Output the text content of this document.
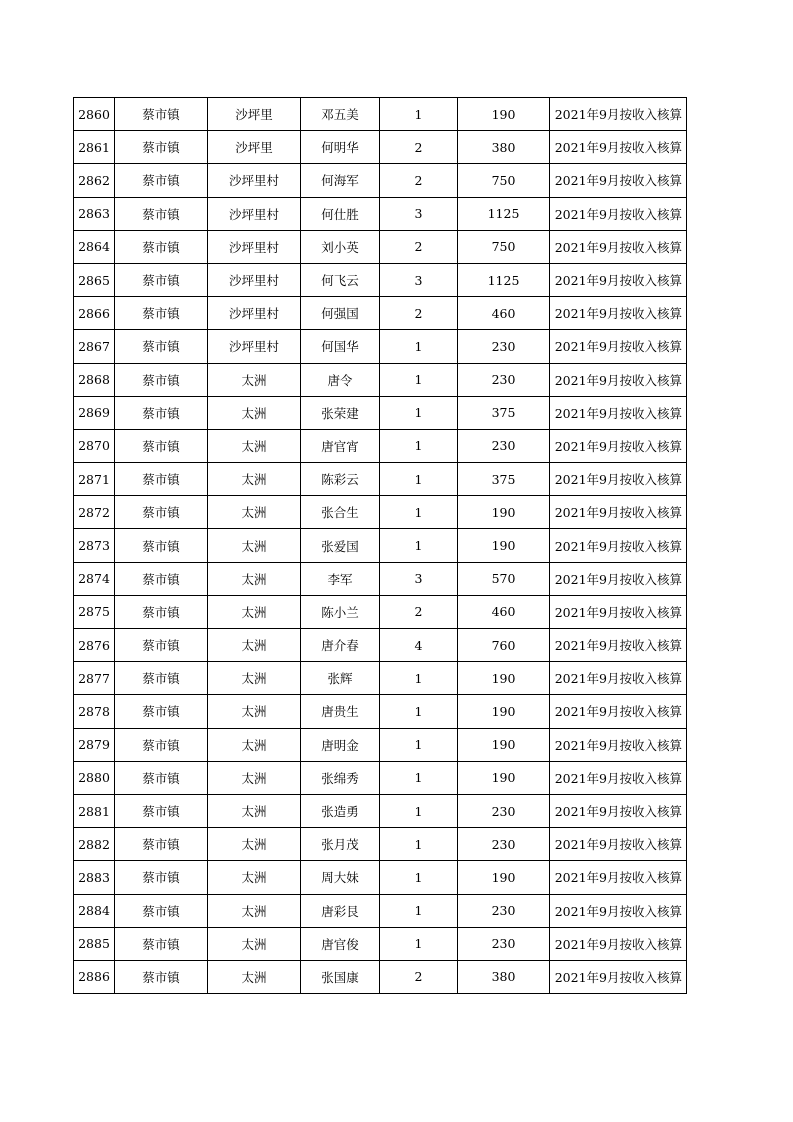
2860	蔡市镇	沙坪里	邓五美	1	190	2021年9月按收入核算
2861	蔡市镇	沙坪里	何明华	2	380	2021年9月按收入核算
2862	蔡市镇	沙坪里村	何海军	2	750	2021年9月按收入核算
2863	蔡市镇	沙坪里村	何仕胜	3	1125	2021年9月按收入核算
2864	蔡市镇	沙坪里村	刘小英	2	750	2021年9月按收入核算
2865	蔡市镇	沙坪里村	何飞云	3	1125	2021年9月按收入核算
2866	蔡市镇	沙坪里村	何强国	2	460	2021年9月按收入核算
2867	蔡市镇	沙坪里村	何国华	1	230	2021年9月按收入核算
2868	蔡市镇	太洲	唐令	1	230	2021年9月按收入核算
2869	蔡市镇	太洲	张荣建	1	375	2021年9月按收入核算
2870	蔡市镇	太洲	唐官宵	1	230	2021年9月按收入核算
2871	蔡市镇	太洲	陈彩云	1	375	2021年9月按收入核算
2872	蔡市镇	太洲	张合生	1	190	2021年9月按收入核算
2873	蔡市镇	太洲	张爱国	1	190	2021年9月按收入核算
2874	蔡市镇	太洲	李军	3	570	2021年9月按收入核算
2875	蔡市镇	太洲	陈小兰	2	460	2021年9月按收入核算
2876	蔡市镇	太洲	唐介春	4	760	2021年9月按收入核算
2877	蔡市镇	太洲	张辉	1	190	2021年9月按收入核算
2878	蔡市镇	太洲	唐贵生	1	190	2021年9月按收入核算
2879	蔡市镇	太洲	唐明金	1	190	2021年9月按收入核算
2880	蔡市镇	太洲	张绵秀	1	190	2021年9月按收入核算
2881	蔡市镇	太洲	张造勇	1	230	2021年9月按收入核算
2882	蔡市镇	太洲	张月茂	1	230	2021年9月按收入核算
2883	蔡市镇	太洲	周大妹	1	190	2021年9月按收入核算
2884	蔡市镇	太洲	唐彩艮	1	230	2021年9月按收入核算
2885	蔡市镇	太洲	唐官俊	1	230	2021年9月按收入核算
2886	蔡市镇	太洲	张国康	2	380	2021年9月按收入核算
